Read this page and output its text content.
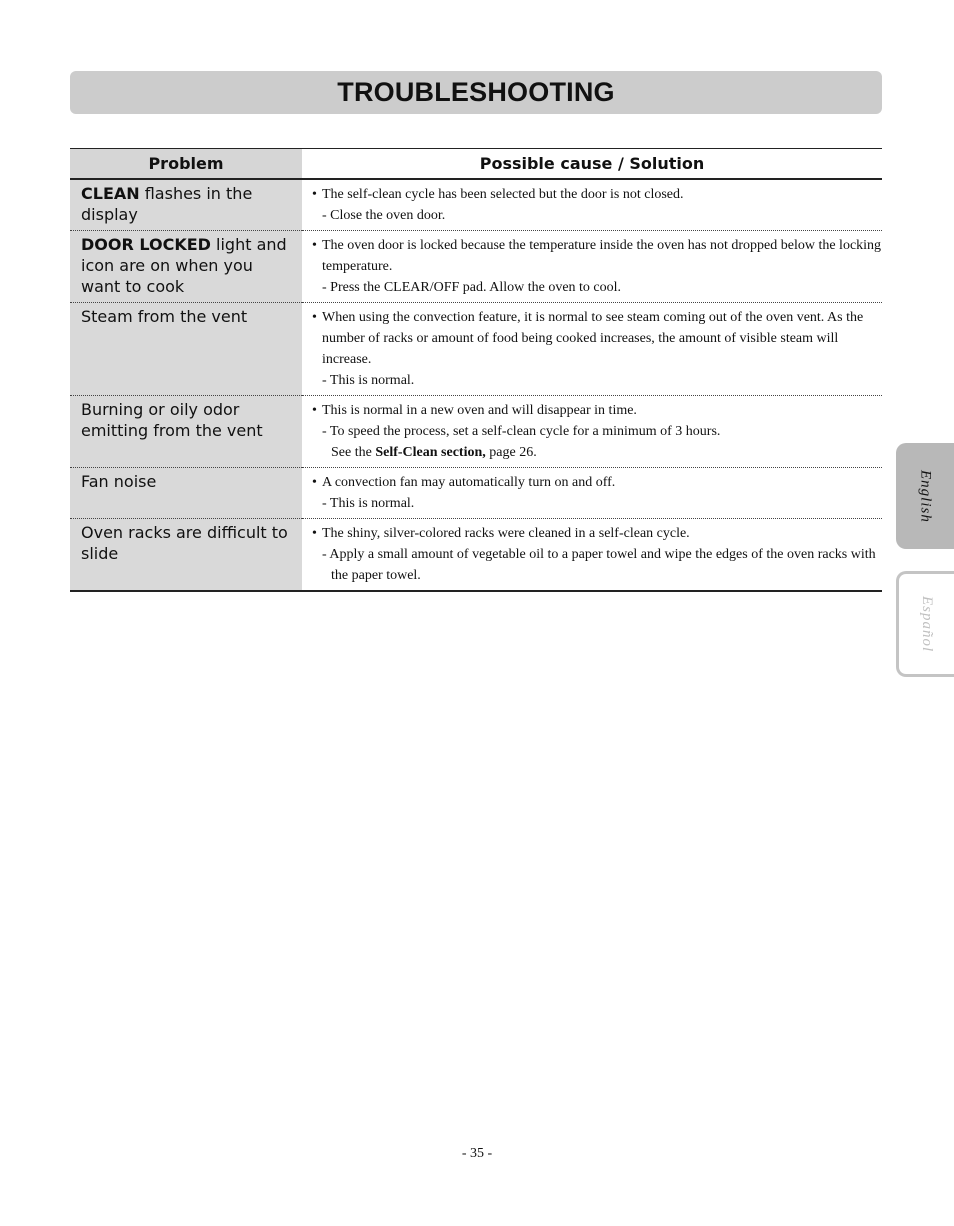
TROUBLESHOOTING
Problem	Possible cause / Solution
CLEAN flashes in the display	• The self-clean cycle has been selected but the door is not closed.
- Close the oven door.

DOOR LOCKED light and icon are on when you want to cook	• The oven door is locked because the temperature inside the oven has not dropped below the locking temperature.
- Press the CLEAR/OFF pad. Allow the oven to cool.

Steam from the vent	• When using the convection feature, it is normal to see steam coming out of the oven vent. As the number of racks or amount of food being cooked increases, the amount of visible steam will increase.
- This is normal.

Burning or oily odor emitting from the vent	• This is normal in a new oven and will disappear in time.
- To speed the process, set a self-clean cycle for a minimum of 3 hours.
See the Self-Clean section, page 26.

Fan noise	• A convection fan may automatically turn on and off.
- This is normal.

Oven racks are difficult to slide	• The shiny, silver-colored racks were cleaned in a self-clean cycle.
- Apply a small amount of vegetable oil to a paper towel and wipe the edges of the oven racks with the paper towel.
English
Español
- 35 -
